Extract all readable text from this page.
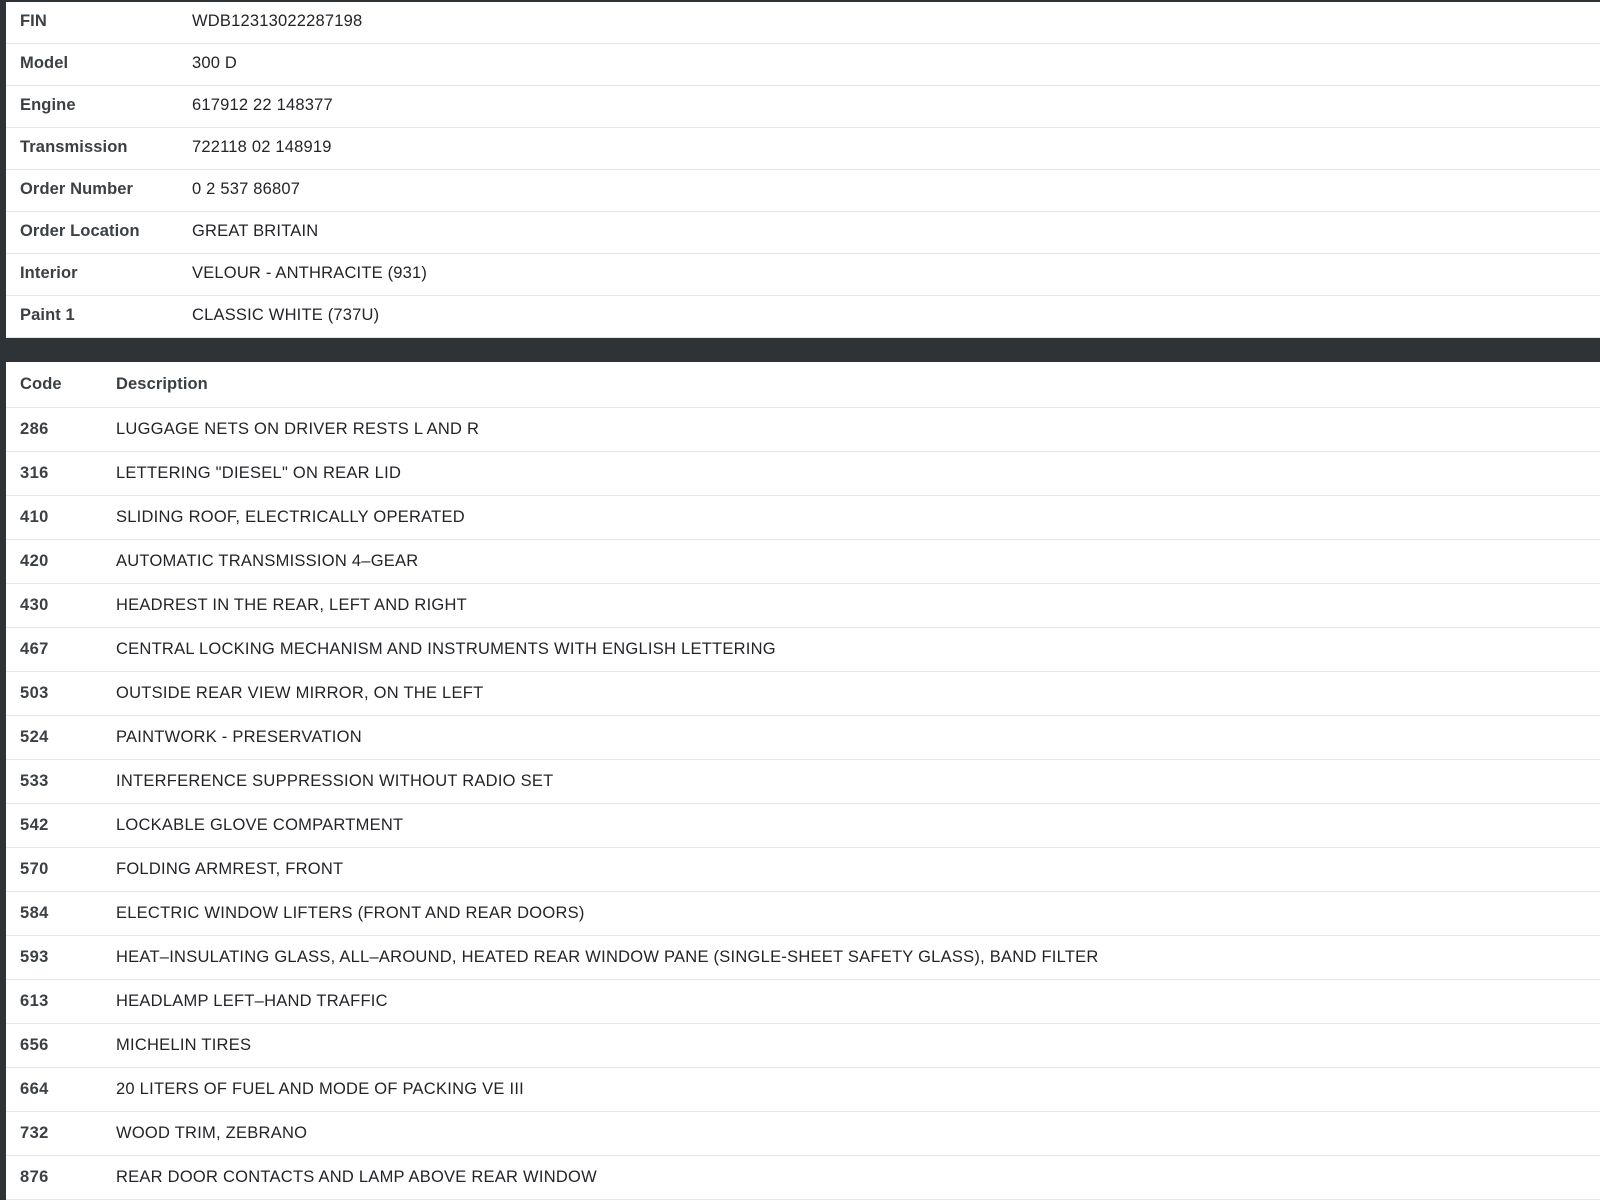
FIN	WDB12313022287198
Model	300 D
Engine	617912 22 148377
Transmission	722118 02 148919
Order Number	0 2 537 86807
Order Location	GREAT BRITAIN
Interior	VELOUR - ANTHRACITE (931)
Paint 1	CLASSIC WHITE (737U)
Code	Description
286	LUGGAGE NETS ON DRIVER RESTS L AND R
316	LETTERING "DIESEL" ON REAR LID
410	SLIDING ROOF, ELECTRICALLY OPERATED
420	AUTOMATIC TRANSMISSION 4–GEAR
430	HEADREST IN THE REAR, LEFT AND RIGHT
467	CENTRAL LOCKING MECHANISM AND INSTRUMENTS WITH ENGLISH LETTERING
503	OUTSIDE REAR VIEW MIRROR, ON THE LEFT
524	PAINTWORK - PRESERVATION
533	INTERFERENCE SUPPRESSION WITHOUT RADIO SET
542	LOCKABLE GLOVE COMPARTMENT
570	FOLDING ARMREST, FRONT
584	ELECTRIC WINDOW LIFTERS (FRONT AND REAR DOORS)
593	HEAT–INSULATING GLASS, ALL–AROUND, HEATED REAR WINDOW PANE (SINGLE-SHEET SAFETY GLASS), BAND FILTER
613	HEADLAMP LEFT–HAND TRAFFIC
656	MICHELIN TIRES
664	20 LITERS OF FUEL AND MODE OF PACKING VE III
732	WOOD TRIM, ZEBRANO
876	REAR DOOR CONTACTS AND LAMP ABOVE REAR WINDOW
